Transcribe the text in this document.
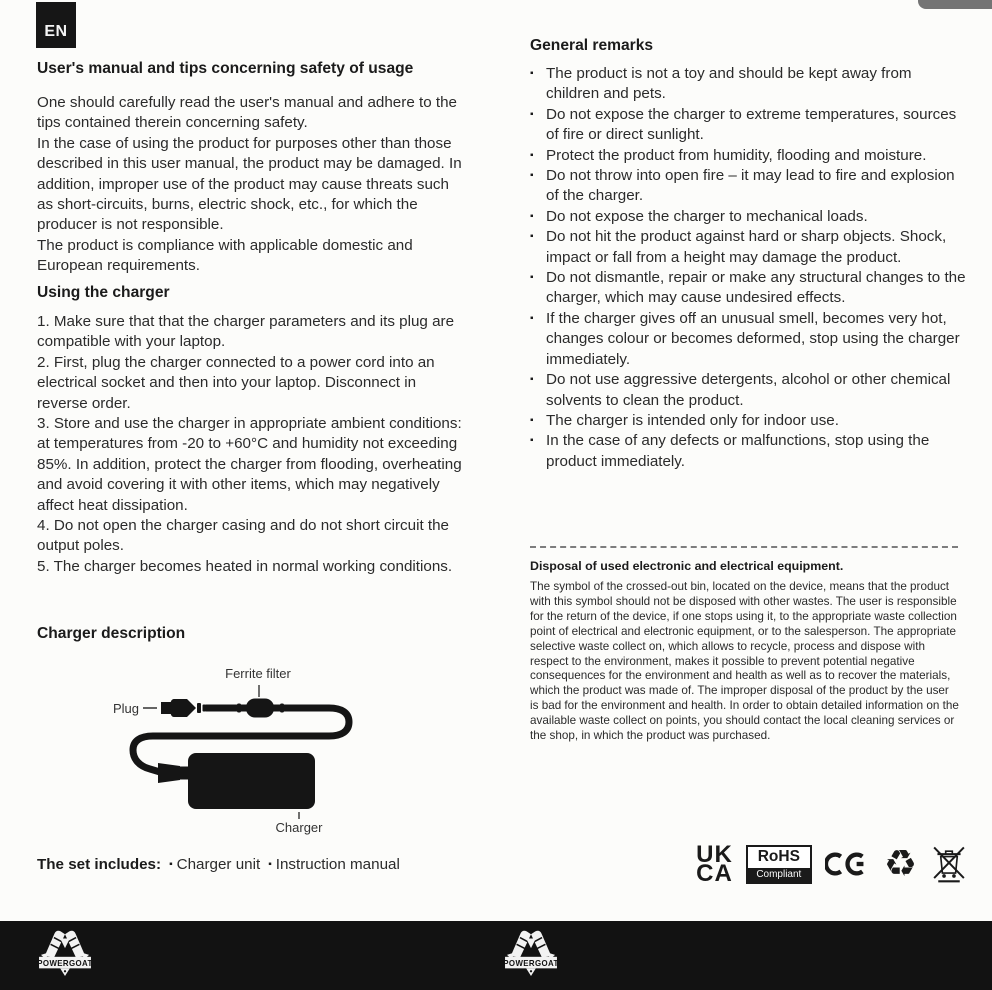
EN
User's manual and tips concerning safety of usage

One should carefully read the user's manual and adhere to the tips contained therein concerning safety.

In the case of using the product for purposes other than those described in this user manual, the product may be damaged. In addition, improper use of the product may cause threats such as short-circuits, burns, electric shock, etc., for which the producer is not responsible.

The product is compliance with applicable domestic and European requirements.

Using the charger

1. Make sure that that the charger parameters and its plug are compatible with your laptop.

2. First, plug the charger connected to a power cord into an electrical socket and then into your laptop. Disconnect in reverse order.

3. Store and use the charger in appropriate ambient conditions: at temperatures from -20 to +60°C and humidity not exceeding 85%. In addition, protect the charger from flooding, overheating and avoid covering it with other items, which may negatively affect heat dissipation.

4. Do not open the charger casing and do not short circuit the output poles.

5. The charger becomes heated in normal working conditions.

Charger description
Ferrite filter
Plug
Charger
The set includes: ▪ Charger unit ▪ Instruction manual
General remarks
▪ The product is not a toy and should be kept away from children and pets.
▪ Do not expose the charger to extreme temperatures, sources of fire or direct sunlight.
▪ Protect the product from humidity, flooding and moisture.
▪ Do not throw into open fire – it may lead to fire and explosion of the charger.
▪ Do not expose the charger to mechanical loads.
▪ Do not hit the product against hard or sharp objects. Shock, impact or fall from a height may damage the product.
▪ Do not dismantle, repair or make any structural changes to the charger, which may cause undesired effects.
▪ If the charger gives off an unusual smell, becomes very hot, changes colour or becomes deformed, stop using the charger immediately.
▪ Do not use aggressive detergents, alcohol or other chemical solvents to clean the product.
▪ The charger is intended only for indoor use.
▪ In the case of any defects or malfunctions, stop using the product immediately.
Disposal of used electronic and electrical equipment.
The symbol of the crossed-out bin, located on the device, means that the product with this symbol should not be disposed with other wastes. The user is responsible for the return of the device, if one stops using it, to the appropriate waste collection point of electrical and electronic equipment, or to the salesperson. The appropriate selective waste collect on, which allows to recycle, process and dispose with respect to the environment, makes it possible to prevent potential negative consequences for the environment and health as well as to recover the materials, which the product was made of. The improper disposal of the product by the user is bad for the environment and health. In order to obtain detailed information on the available waste collect on points, you should contact the local cleaning services or the shop, in which the product was purchased.
UK
CA
RoHS
Compliant ♻
POWERGOAT	POWERGOAT
